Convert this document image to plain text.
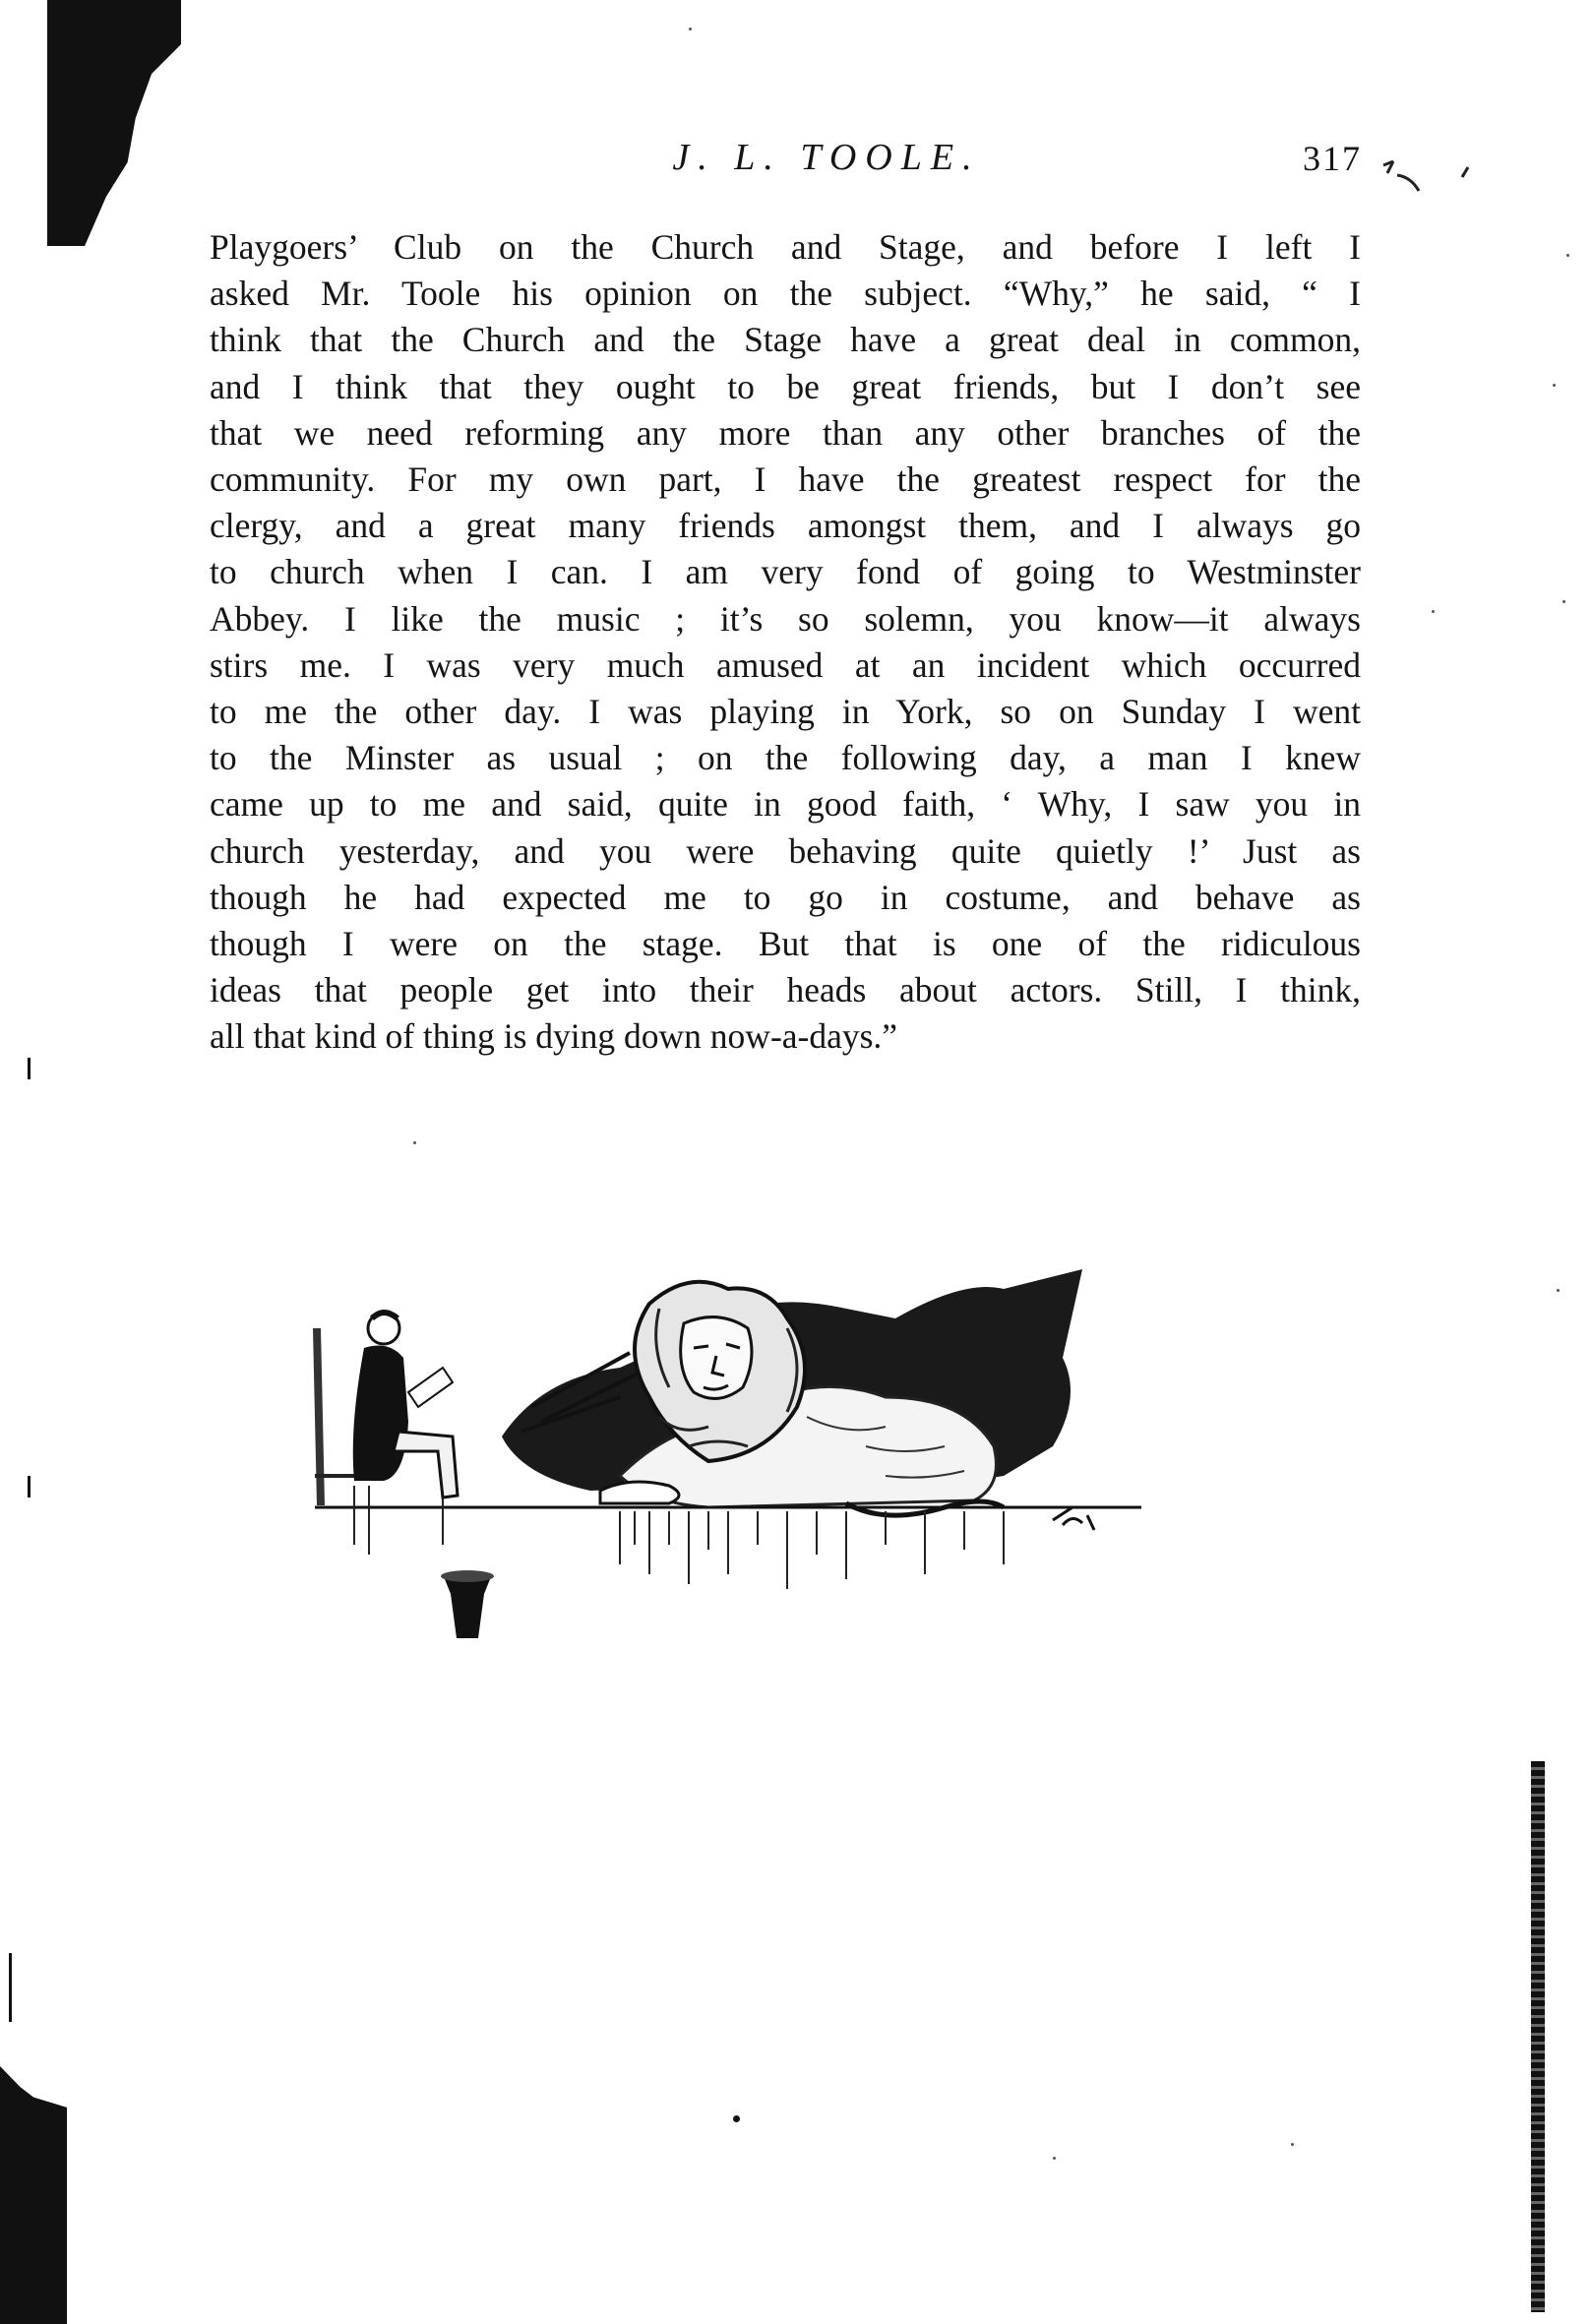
J. L. TOOLE.	317
Playgoers’ Club on the Church and Stage, and before I left I
asked Mr. Toole his opinion on the subject. “Why,” he said, “ I
think that the Church and the Stage have a great deal in common,
and I think that they ought to be great friends, but I don’t see
that we need reforming any more than any other branches of the
community. For my own part, I have the greatest respect for the
clergy, and a great many friends amongst them, and I always go
to church when I can. I am very fond of going to Westminster
Abbey. I like the music ; it’s so solemn, you know—it always
stirs me. I was very much amused at an incident which occurred
to me the other day. I was playing in York, so on Sunday I went
to the Minster as usual ; on the following day, a man I knew
came up to me and said, quite in good faith, ‘ Why, I saw you in
church yesterday, and you were behaving quite quietly !’ Just as
though he had expected me to go in costume, and behave as
though I were on the stage. But that is one of the ridiculous
ideas that people get into their heads about actors. Still, I think,
all that kind of thing is dying down now-a-days.”
